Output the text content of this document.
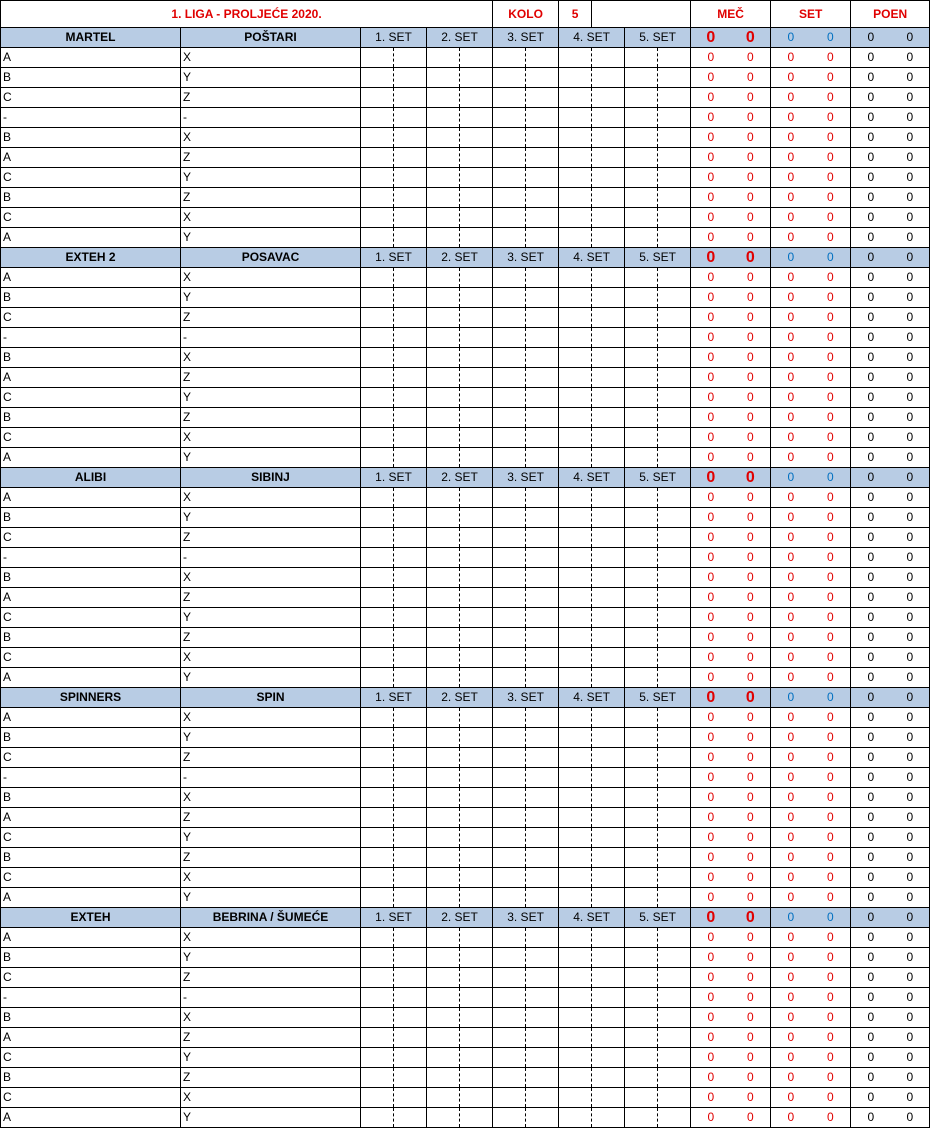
1. LIGA - PROLJEĆE 2020.						KOLO		5				MEČ		SET		POEN	
MARTEL	POŠTARI	1. SET		2. SET		3. SET		4. SET		5. SET		0	0	0	0	0	0
A	X											0	0	0	0	0	0
B	Y											0	0	0	0	0	0
C	Z											0	0	0	0	0	0
-	-											0	0	0	0	0	0
B	X											0	0	0	0	0	0
A	Z											0	0	0	0	0	0
C	Y											0	0	0	0	0	0
B	Z											0	0	0	0	0	0
C	X											0	0	0	0	0	0
A	Y											0	0	0	0	0	0
EXTEH 2	POSAVAC	1. SET		2. SET		3. SET		4. SET		5. SET		0	0	0	0	0	0
A	X											0	0	0	0	0	0
B	Y											0	0	0	0	0	0
C	Z											0	0	0	0	0	0
-	-											0	0	0	0	0	0
B	X											0	0	0	0	0	0
A	Z											0	0	0	0	0	0
C	Y											0	0	0	0	0	0
B	Z											0	0	0	0	0	0
C	X											0	0	0	0	0	0
A	Y											0	0	0	0	0	0
ALIBI	SIBINJ	1. SET		2. SET		3. SET		4. SET		5. SET		0	0	0	0	0	0
A	X											0	0	0	0	0	0
B	Y											0	0	0	0	0	0
C	Z											0	0	0	0	0	0
-	-											0	0	0	0	0	0
B	X											0	0	0	0	0	0
A	Z											0	0	0	0	0	0
C	Y											0	0	0	0	0	0
B	Z											0	0	0	0	0	0
C	X											0	0	0	0	0	0
A	Y											0	0	0	0	0	0
SPINNERS	SPIN	1. SET		2. SET		3. SET		4. SET		5. SET		0	0	0	0	0	0
A	X											0	0	0	0	0	0
B	Y											0	0	0	0	0	0
C	Z											0	0	0	0	0	0
-	-											0	0	0	0	0	0
B	X											0	0	0	0	0	0
A	Z											0	0	0	0	0	0
C	Y											0	0	0	0	0	0
B	Z											0	0	0	0	0	0
C	X											0	0	0	0	0	0
A	Y											0	0	0	0	0	0
EXTEH	BEBRINA / ŠUMEĆE	1. SET		2. SET		3. SET		4. SET		5. SET		0	0	0	0	0	0
A	X											0	0	0	0	0	0
B	Y											0	0	0	0	0	0
C	Z											0	0	0	0	0	0
-	-											0	0	0	0	0	0
B	X											0	0	0	0	0	0
A	Z											0	0	0	0	0	0
C	Y											0	0	0	0	0	0
B	Z											0	0	0	0	0	0
C	X											0	0	0	0	0	0
A	Y											0	0	0	0	0	0
